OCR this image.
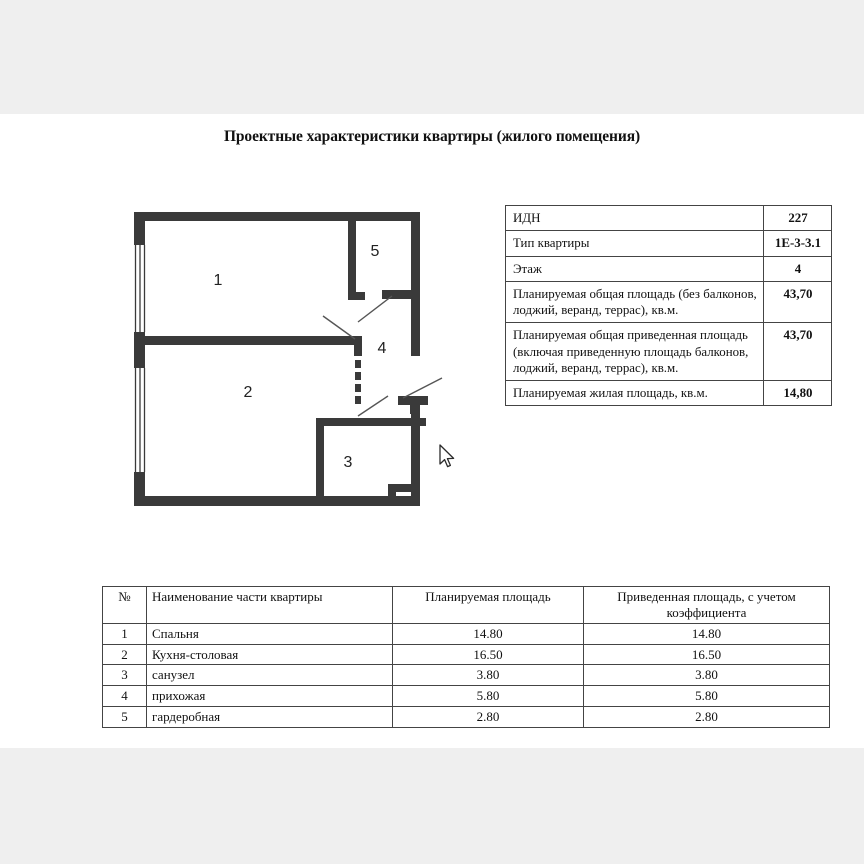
Проектные характеристики квартиры (жилого помещения)
1
2
3
4
5
ИДН	227
Тип квартиры	1Е-3-3.1
Этаж	4
Планируемая общая площадь (без балконов, лоджий, веранд, террас), кв.м.	43,70
Планируемая общая приведенная площадь (включая приведенную площадь балконов, лоджий, веранд, террас), кв.м.	43,70
Планируемая жилая площадь, кв.м.	14,80
№	Наименование части квартиры	Планируемая площадь	Приведенная площадь, с учетом коэффициента
1	Спальня	14.80	14.80
2	Кухня-столовая	16.50	16.50
3	санузел	3.80	3.80
4	прихожая	5.80	5.80
5	гардеробная	2.80	2.80
